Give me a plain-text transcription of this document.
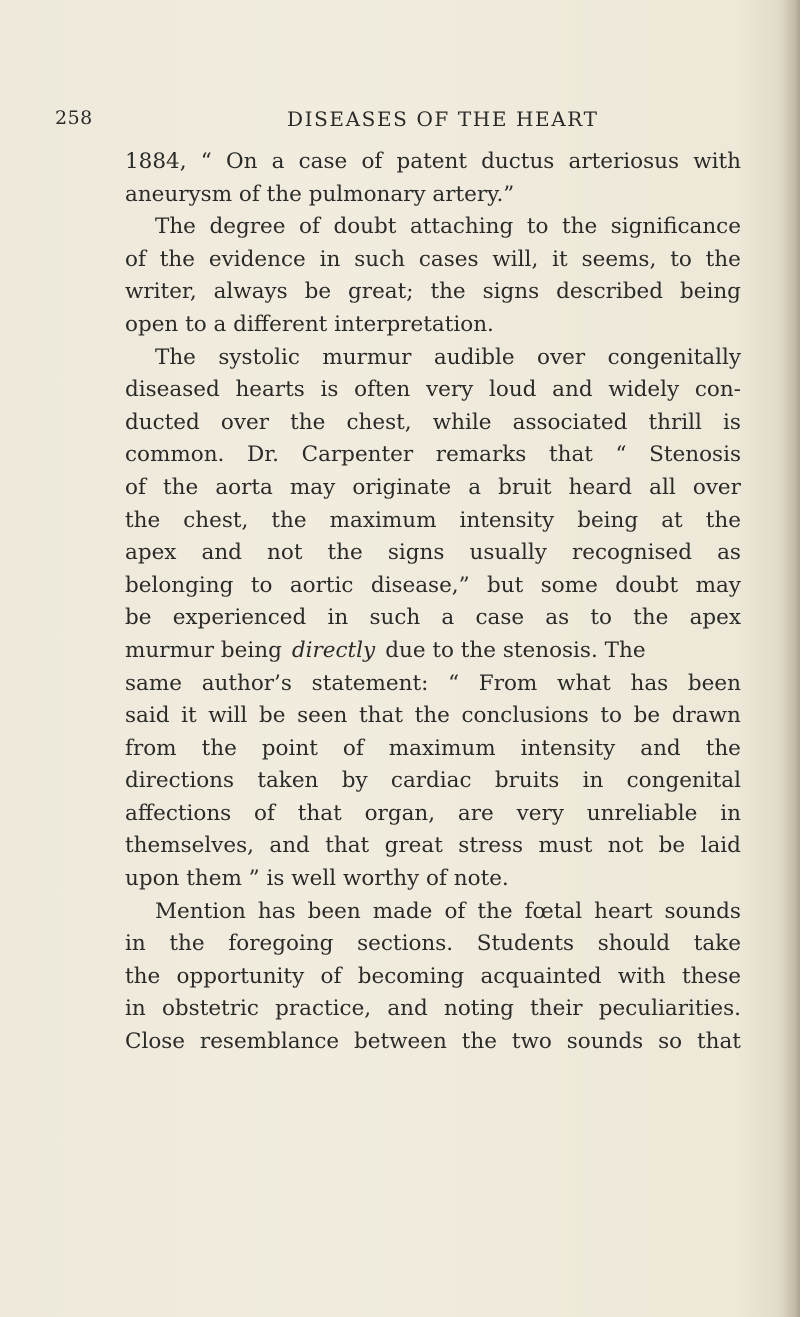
258	DISEASES OF THE HEART
1884, “ On a case of patent ductus arteriosus with
aneurysm of the pulmonary artery.”
The degree of doubt attaching to the significance
of the evidence in such cases will, it seems, to the
writer, always be great; the signs described being
open to a different interpretation.
The systolic murmur audible over congenitally
diseased hearts is often very loud and widely con-
ducted over the chest, while associated thrill is
common. Dr. Carpenter remarks that “ Stenosis
of the aorta may originate a bruit heard all over
the chest, the maximum intensity being at the
apex and not the signs usually recognised as
belonging to aortic disease,” but some doubt may
be experienced in such a case as to the apex
murmur being directly due to the stenosis. The
same author’s statement: “ From what has been
said it will be seen that the conclusions to be drawn
from the point of maximum intensity and the
directions taken by cardiac bruits in congenital
affections of that organ, are very unreliable in
themselves, and that great stress must not be laid
upon them ” is well worthy of note.
Mention has been made of the fœtal heart sounds
in the foregoing sections. Students should take
the opportunity of becoming acquainted with these
in obstetric practice, and noting their peculiarities.
Close resemblance between the two sounds so that
